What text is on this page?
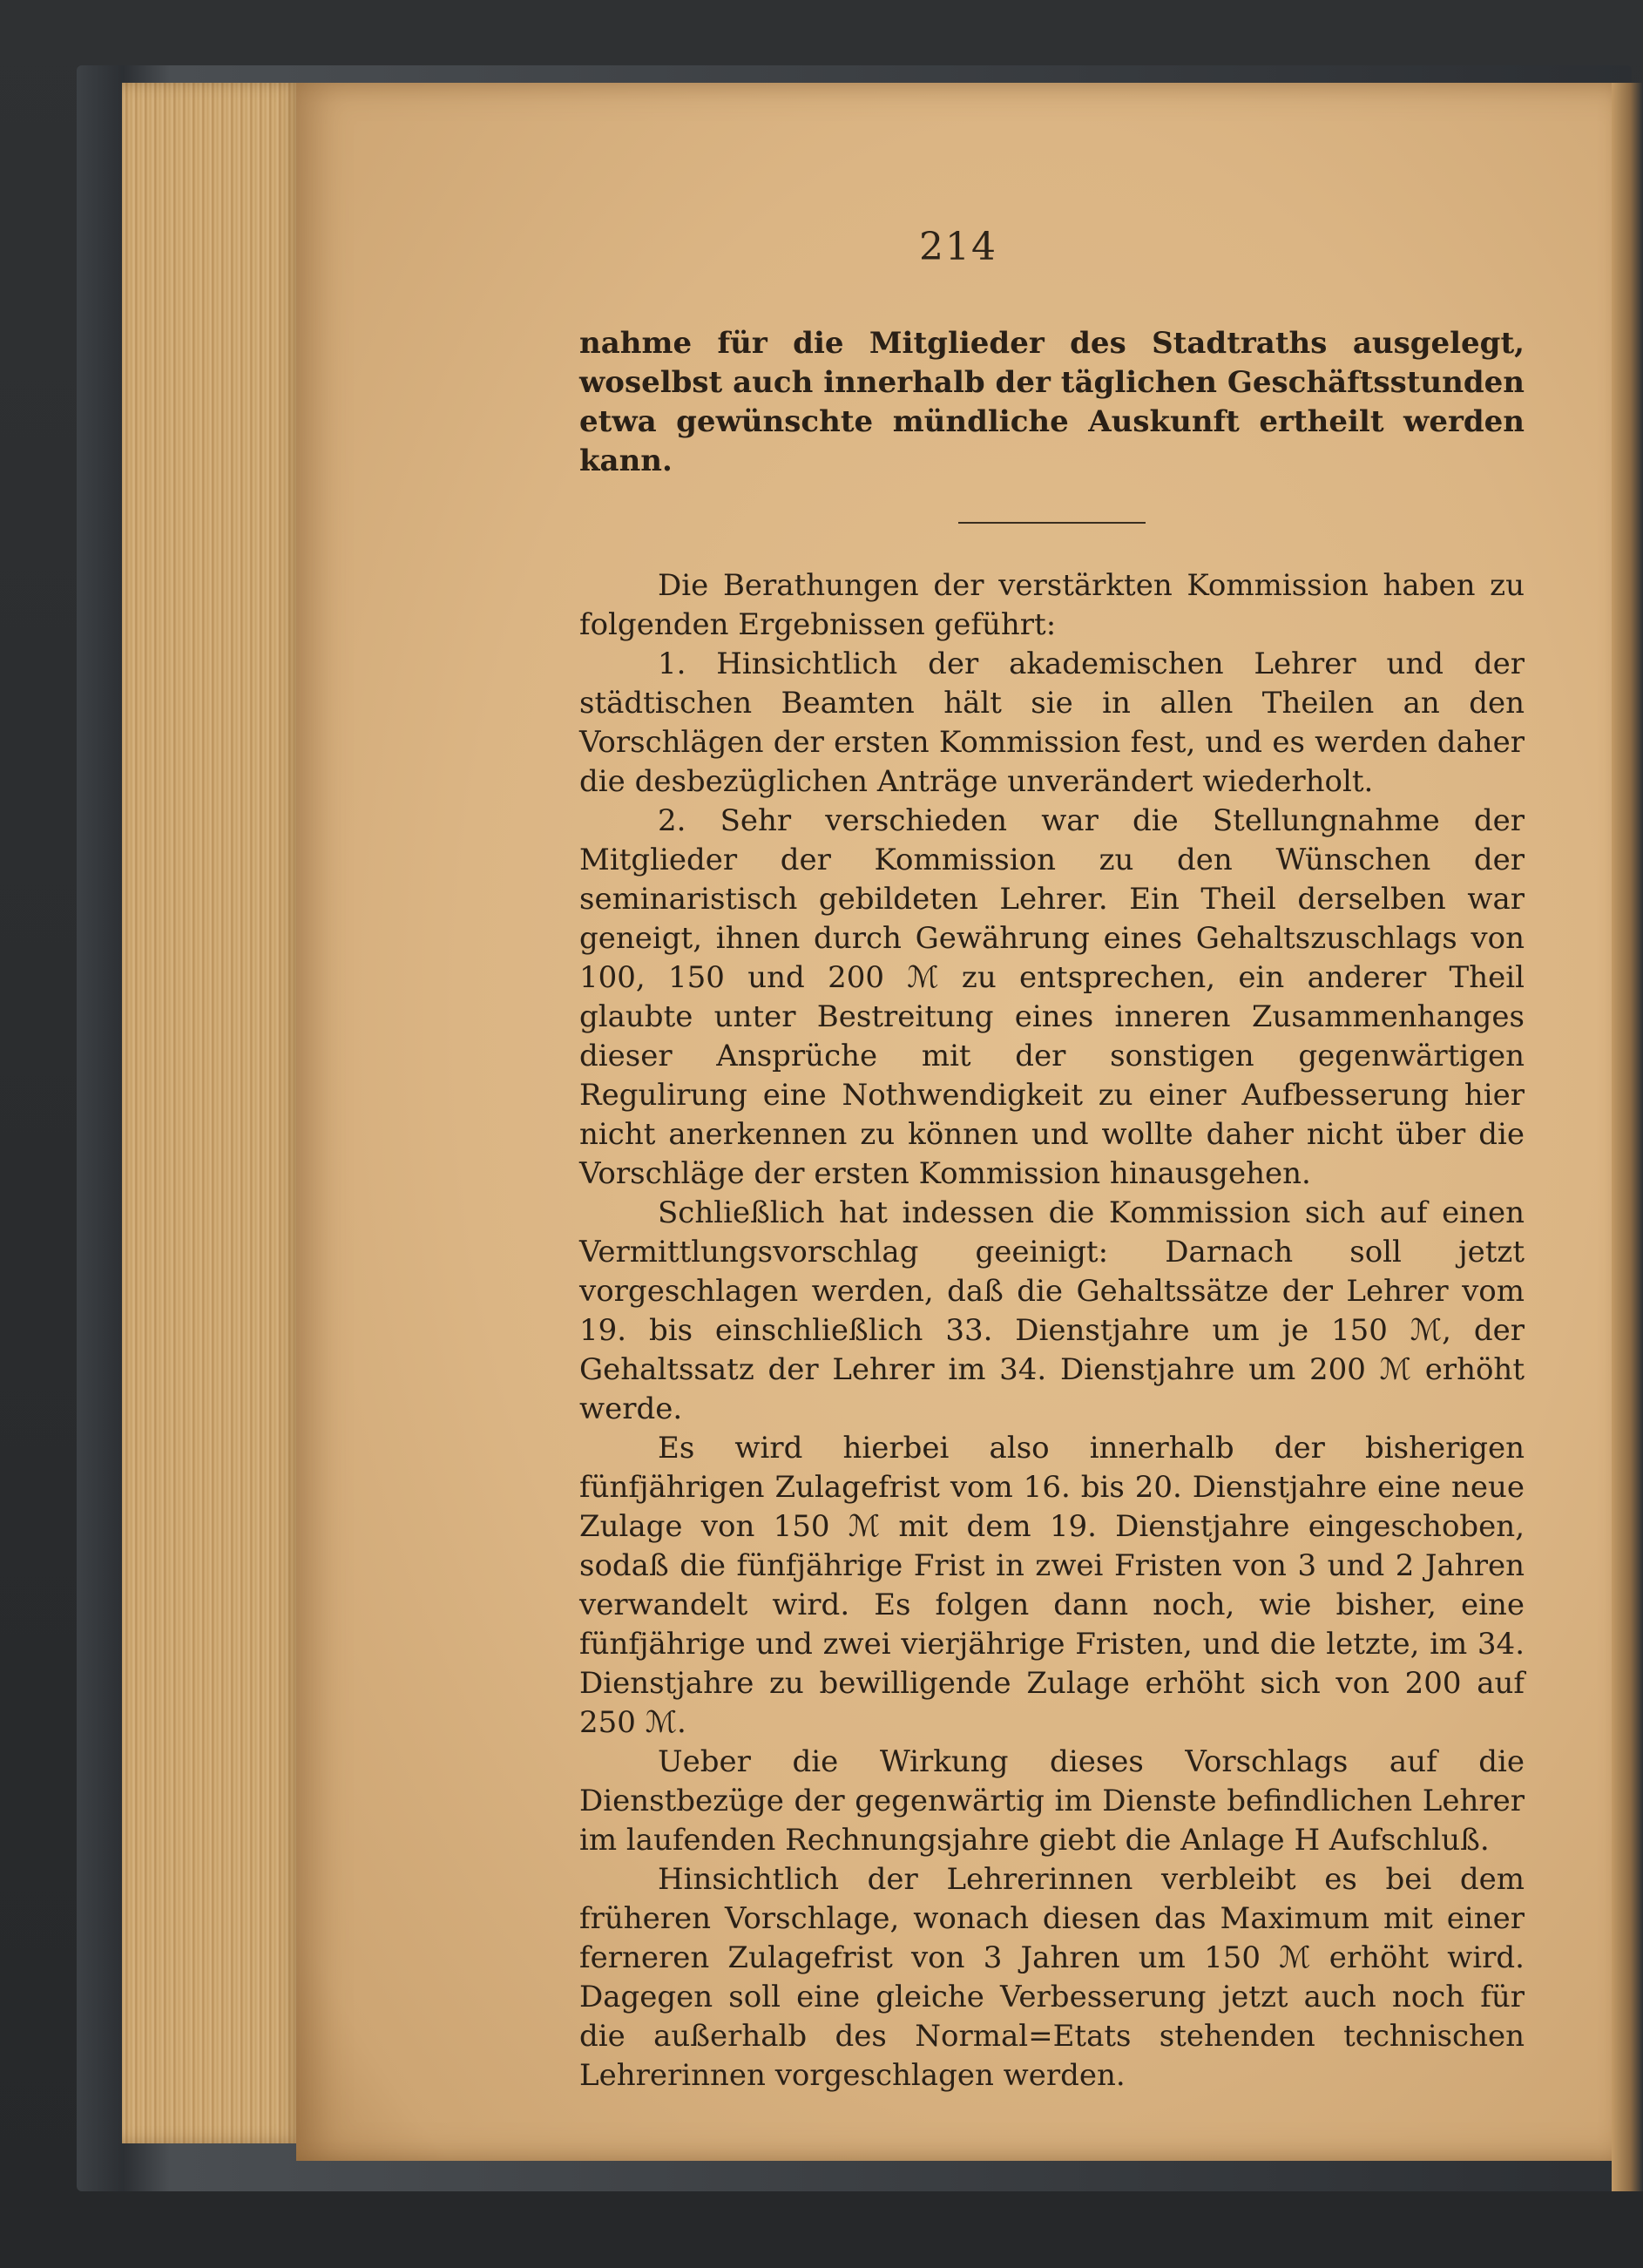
214

nahme für die Mitglieder des Stadtraths ausgelegt, woselbst auch innerhalb der täglichen Geschäftsstunden etwa gewünschte mündliche Auskunft ertheilt werden kann.

Die Berathungen der verstärkten Kommission haben zu folgenden Ergebnissen geführt:

1. Hinsichtlich der akademischen Lehrer und der städtischen Beamten hält sie in allen Theilen an den Vorschlägen der ersten Kommission fest, und es werden daher die desbezüglichen Anträge unverändert wiederholt.

2. Sehr verschieden war die Stellungnahme der Mitglieder der Kommission zu den Wünschen der seminaristisch gebildeten Lehrer. Ein Theil derselben war geneigt, ihnen durch Gewährung eines Gehaltszuschlags von 100, 150 und 200 ℳ zu entsprechen, ein anderer Theil glaubte unter Bestreitung eines inneren Zusammenhanges dieser Ansprüche mit der sonstigen gegenwärtigen Regulirung eine Nothwendigkeit zu einer Aufbesserung hier nicht anerkennen zu können und wollte daher nicht über die Vorschläge der ersten Kommission hinausgehen.

Schließlich hat indessen die Kommission sich auf einen Vermittlungsvorschlag geeinigt: Darnach soll jetzt vorgeschlagen werden, daß die Gehaltssätze der Lehrer vom 19. bis einschließlich 33. Dienstjahre um je 150 ℳ, der Gehaltssatz der Lehrer im 34. Dienstjahre um 200 ℳ erhöht werde.

Es wird hierbei also innerhalb der bisherigen fünfjährigen Zulagefrist vom 16. bis 20. Dienstjahre eine neue Zulage von 150 ℳ mit dem 19. Dienstjahre eingeschoben, sodaß die fünfjährige Frist in zwei Fristen von 3 und 2 Jahren verwandelt wird. Es folgen dann noch, wie bisher, eine fünfjährige und zwei vierjährige Fristen, und die letzte, im 34. Dienstjahre zu bewilligende Zulage erhöht sich von 200 auf 250 ℳ.

Ueber die Wirkung dieses Vorschlags auf die Dienstbezüge der gegenwärtig im Dienste befindlichen Lehrer im laufenden Rechnungsjahre giebt die Anlage H Aufschluß.

Hinsichtlich der Lehrerinnen verbleibt es bei dem früheren Vorschlage, wonach diesen das Maximum mit einer ferneren Zulagefrist von 3 Jahren um 150 ℳ erhöht wird. Dagegen soll eine gleiche Verbesserung jetzt auch noch für die außerhalb des Normal=Etats stehenden technischen Lehrerinnen vorgeschlagen werden.
